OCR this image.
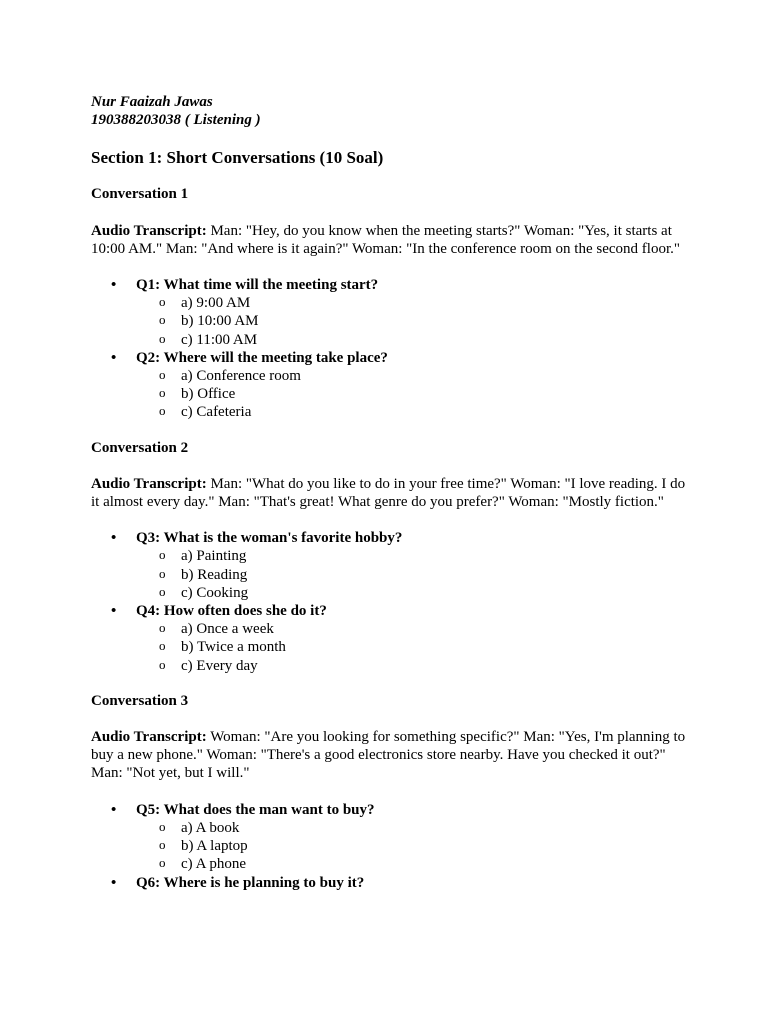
Nur Faaizah Jawas
190388203038 ( Listening )
Section 1: Short Conversations (10 Soal)
Conversation 1
Audio Transcript: Man: "Hey, do you know when the meeting starts?" Woman: "Yes, it starts at 10:00 AM." Man: "And where is it again?" Woman: "In the conference room on the second floor."
• Q1: What time will the meeting start?
o a) 9:00 AM
o b) 10:00 AM
o c) 11:00 AM
• Q2: Where will the meeting take place?
o a) Conference room
o b) Office
o c) Cafeteria
Conversation 2
Audio Transcript: Man: "What do you like to do in your free time?" Woman: "I love reading. I do it almost every day." Man: "That's great! What genre do you prefer?" Woman: "Mostly fiction."
• Q3: What is the woman's favorite hobby?
o a) Painting
o b) Reading
o c) Cooking
• Q4: How often does she do it?
o a) Once a week
o b) Twice a month
o c) Every day
Conversation 3
Audio Transcript: Woman: "Are you looking for something specific?" Man: "Yes, I'm planning to buy a new phone." Woman: "There's a good electronics store nearby. Have you checked it out?" Man: "Not yet, but I will."
• Q5: What does the man want to buy?
o a) A book
o b) A laptop
o c) A phone
• Q6: Where is he planning to buy it?
